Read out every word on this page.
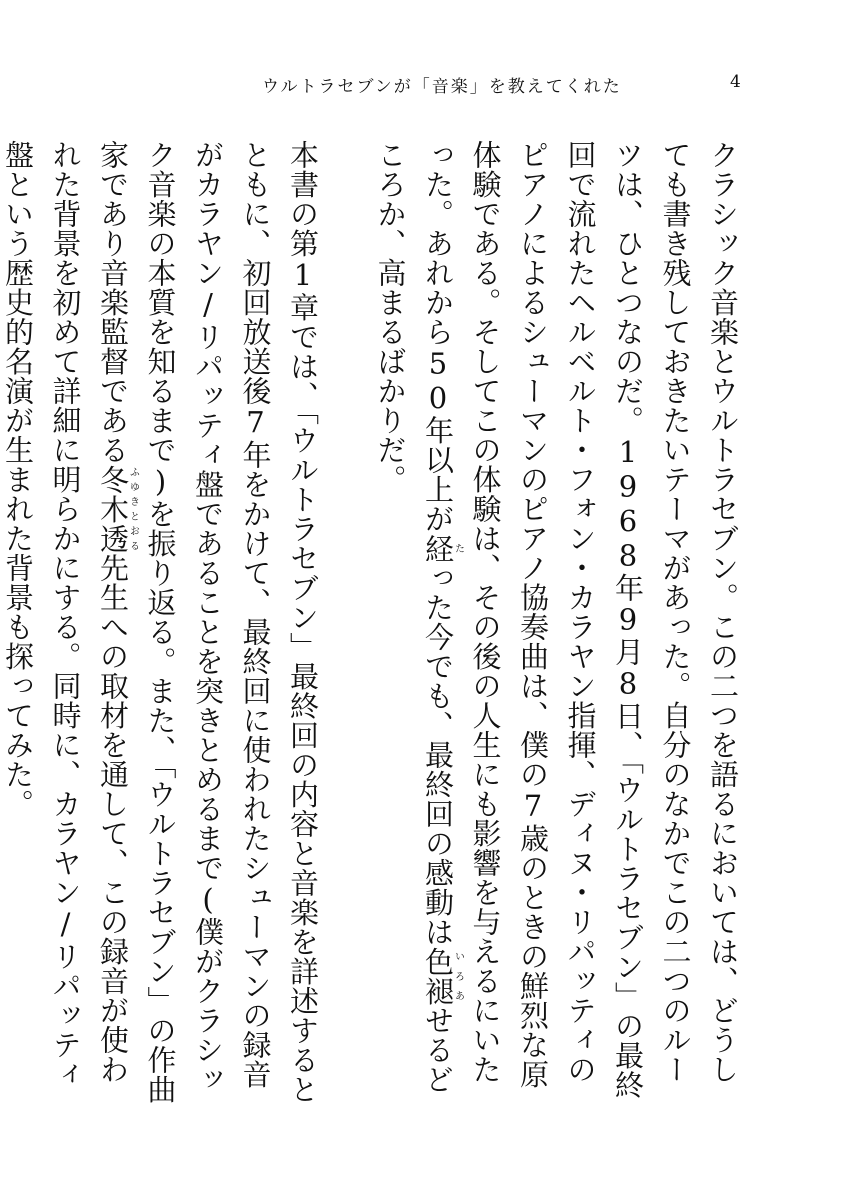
ウルトラセブンが「音楽」を教えてくれた	4

クラシック音楽とウルトラセブン。この二つを語るにおいては、どうしても書き残しておきたいテーマがあった。自分のなかでこの二つのルーツは、ひとつなのだ。1968年9月8日、「ウルトラセブン」の最終回で流れたヘルベルト・フォン・カラヤン指揮、ディヌ・リパッティのピアノによるシューマンのピアノ協奏曲は、僕の7歳のときの鮮烈な原体験である。そしてこの体験は、その後の人生にも影響を与えるにいたった。あれから50年以上が経たった今でも、最終回の感動は色褪いろあせるどころか、高まるばかりだ。

本書の第1章では、「ウルトラセブン」最終回の内容と音楽を詳述するとともに、初回放送後7年をかけて、最終回に使われたシューマンの録音がカラヤン/リパッティ盤であることを突きとめるまで(僕がクラシック音楽の本質を知るまで)を振り返る。また、「ウルトラセブン」の作曲家であり音楽監督である冬木透ふゆきとおる先生への取材を通して、この録音が使われた背景を初めて詳細に明らかにする。同時に、カラヤン/リパッティ盤という歴史的名演が生まれた背景も探ってみた。
